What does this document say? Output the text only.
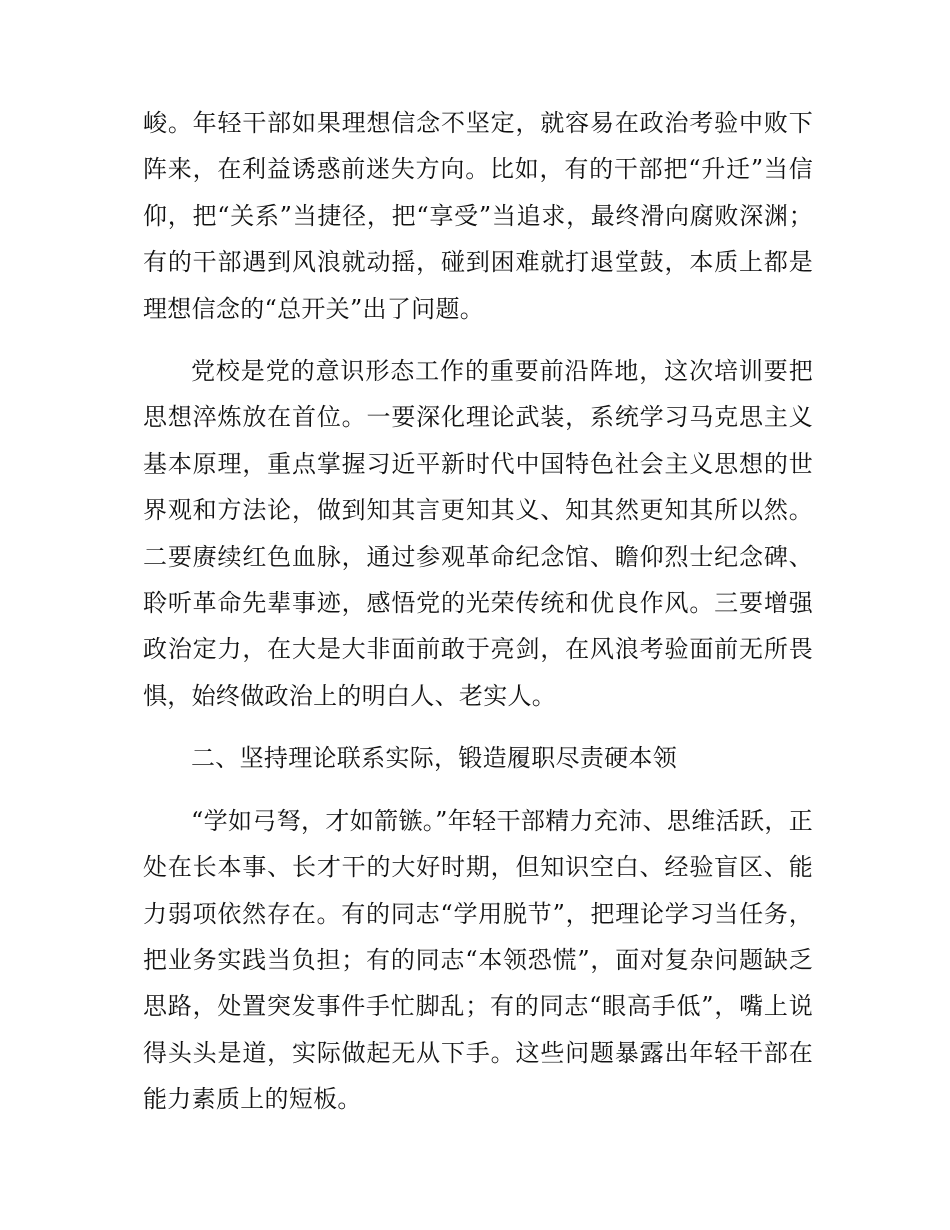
峻。年轻干部如果理想信念不坚定，就容易在政治考验中败下阵来，在利益诱惑前迷失方向。比如，有的干部把“升迁”当信仰，把“关系”当捷径，把“享受”当追求，最终滑向腐败深渊；有的干部遇到风浪就动摇，碰到困难就打退堂鼓，本质上都是理想信念的“总开关”出了问题。

党校是党的意识形态工作的重要前沿阵地，这次培训要把思想淬炼放在首位。一要深化理论武装，系统学习马克思主义基本原理，重点掌握习近平新时代中国特色社会主义思想的世界观和方法论，做到知其言更知其义、知其然更知其所以然。二要赓续红色血脉，通过参观革命纪念馆、瞻仰烈士纪念碑、聆听革命先辈事迹，感悟党的光荣传统和优良作风。三要增强政治定力，在大是大非面前敢于亮剑，在风浪考验面前无所畏惧，始终做政治上的明白人、老实人。

二、坚持理论联系实际，锻造履职尽责硬本领

“学如弓弩，才如箭镞。”年轻干部精力充沛、思维活跃，正处在长本事、长才干的大好时期，但知识空白、经验盲区、能力弱项依然存在。有的同志“学用脱节”，把理论学习当任务，把业务实践当负担；有的同志“本领恐慌”，面对复杂问题缺乏思路，处置突发事件手忙脚乱；有的同志“眼高手低”，嘴上说得头头是道，实际做起无从下手。这些问题暴露出年轻干部在能力素质上的短板。
